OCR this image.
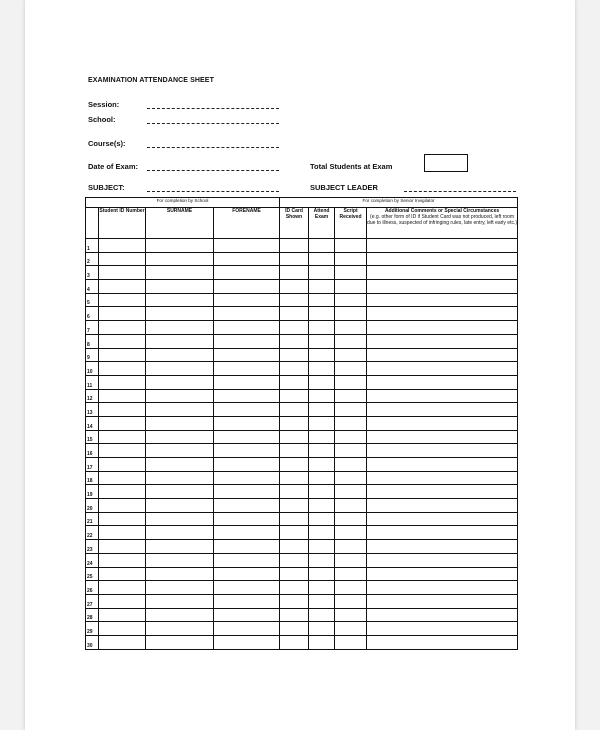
EXAMINATION ATTENDANCE SHEET
Session:
School:
Course(s):
Date of Exam:	Total Students at Exam
SUBJECT:	SUBJECT LEADER
For completion by School				For completion by Senior Invigilator			
	Student ID Number	SURNAME	FORENAME	ID Card Shown	Attend Exam	Script Received	Additional Comments or Special Circumstances
(e.g. other form of ID if Student Card was not produced, left room due to illness, suspected of infringing rules, late entry, left early etc.)
1							
2							
3							
4							
5							
6							
7							
8							
9							
10							
11							
12							
13							
14							
15							
16							
17							
18							
19							
20							
21							
22							
23							
24							
25							
26							
27							
28							
29							
30							
